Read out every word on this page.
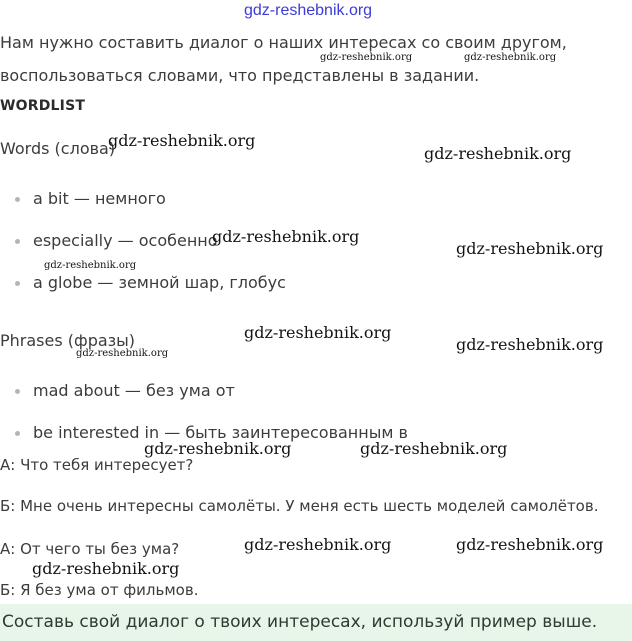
gdz-reshebnik.org
Нам нужно составить диалог о наших интересах со своим другом,
воспользоваться словами, что представлены в задании.
gdz-reshebnik.org	gdz-reshebnik.org
WORDLIST
Words (слова)
gdz-reshebnik.org
gdz-reshebnik.org
a bit — немного
especially — особенно
gdz-reshebnik.org
gdz-reshebnik.org
gdz-reshebnik.org
a globe — земной шар, глобус
Phrases (фразы)	gdz-reshebnik.org
gdz-reshebnik.org
gdz-reshebnik.org
mad about — без ума от
be interested in — быть заинтересованным в
А: Что тебя интересует?
gdz-reshebnik.org	gdz-reshebnik.org
Б: Мне очень интересны самолёты. У меня есть шесть моделей самолётов.
А: От чего ты без ума?	gdz-reshebnik.org	gdz-reshebnik.org
gdz-reshebnik.org
Б: Я без ума от фильмов.
Составь свой диалог о твоих интересах, используй пример выше.
